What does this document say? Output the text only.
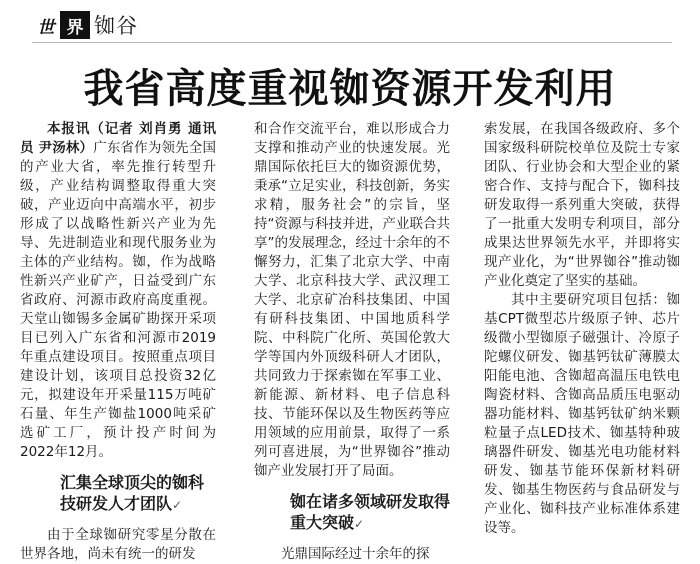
世 界 铷谷
我省高度重视铷资源开发利用

本报讯（记者 刘肖勇 通讯员 尹汤林）广东省作为领先全国的产业大省，率先推行转型升级，产业结构调整取得重大突破，产业迈向中高端水平，初步形成了以战略性新兴产业为先导、先进制造业和现代服务业为主体的产业结构。铷，作为战略性新兴产业矿产，日益受到广东省政府、河源市政府高度重视。天堂山铷锡多金属矿勘探开采项目已列入广东省和河源市2019年重点建设项目。按照重点项目建设计划，该项目总投资32亿元，拟建设年开采量115万吨矿石量、年生产铷盐1000吨采矿选矿工厂，预计投产时间为2022年12月。

汇集全球顶尖的铷科技研发人才团队✓

由于全球铷研究零星分散在世界各地，尚未有统一的研发

和合作交流平台，难以形成合力支撑和推动产业的快速发展。光鼎国际依托巨大的铷资源优势，秉承“立足实业，科技创新，务实求精，服务社会”的宗旨，坚持“资源与科技并进，产业联合共享”的发展理念，经过十余年的不懈努力，汇集了北京大学、中南大学、北京科技大学、武汉理工大学、北京矿冶科技集团、中国有研科技集团、中国地质科学院、中科院广化所、英国伦敦大学等国内外顶级科研人才团队，共同致力于探索铷在军事工业、新能源、新材料、电子信息科技、节能环保以及生物医药等应用领域的应用前景，取得了一系列可喜进展，为“世界铷谷”推动铷产业发展打开了局面。

铷在诸多领域研发取得重大突破✓

光鼎国际经过十余年的探

索发展，在我国各级政府、多个国家级科研院校单位及院士专家团队、行业协会和大型企业的紧密合作、支持与配合下，铷科技研发取得一系列重大突破，获得了一批重大发明专利项目，部分成果达世界领先水平，并即将实现产业化，为“世界铷谷”推动铷产业化奠定了坚实的基础。

其中主要研究项目包括：铷基CPT微型芯片级原子钟、芯片级微小型铷原子磁强计、冷原子陀螺仪研发、铷基钙钛矿薄膜太阳能电池、含铷超高温压电铁电陶瓷材料、含铷高品质压电驱动器功能材料、铷基钙钛矿纳米颗粒量子点LED技术、铷基特种玻璃器件研发、铷基光电功能材料研发、铷基节能环保新材料研发、铷基生物医药与食品研发与产业化、铷科技产业标准体系建设等。
